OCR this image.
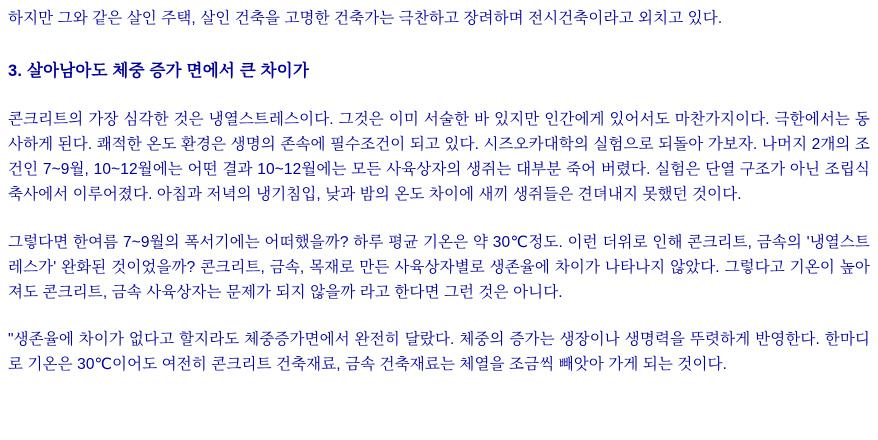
하지만 그와 같은 살인 주택, 살인 건축을 고명한 건축가는 극찬하고 장려하며 전시건축이라고 외치고 있다.

3. 살아남아도 체중 증가 면에서 큰 차이가

콘크리트의 가장 심각한 것은 냉열스트레스이다. 그것은 이미 서술한 바 있지만 인간에게 있어서도 마찬가지이다. 극한에서는 동사하게 된다. 쾌적한 온도 환경은 생명의 존속에 필수조건이 되고 있다. 시즈오카대학의 실험으로 되돌아 가보자. 나머지 2개의 조건인 7~9월, 10~12월에는 어떤 결과 10~12월에는 모든 사육상자의 생쥐는 대부분 죽어 버렸다. 실험은 단열 구조가 아닌 조립식 축사에서 이루어졌다. 아침과 저녁의 냉기침입, 낮과 밤의 온도 차이에 새끼 생쥐들은 견뎌내지 못했던 것이다.

그렇다면 한여름 7~9월의 폭서기에는 어떠했을까? 하루 평균 기온은 약 30℃정도. 이런 더위로 인해 콘크리트, 금속의 '냉열스트레스가' 완화된 것이었을까? 콘크리트, 금속, 목재로 만든 사육상자별로 생존율에 차이가 나타나지 않았다. 그렇다고 기온이 높아져도 콘크리트, 금속 사육상자는 문제가 되지 않을까 라고 한다면 그런 것은 아니다.

"생존율에 차이가 없다고 할지라도 체중증가면에서 완전히 달랐다. 체중의 증가는 생장이나 생명력을 뚜렷하게 반영한다. 한마디로 기온은 30℃이어도 여전히 콘크리트 건축재료, 금속 건축재료는 체열을 조금씩 빼앗아 가게 되는 것이다.
